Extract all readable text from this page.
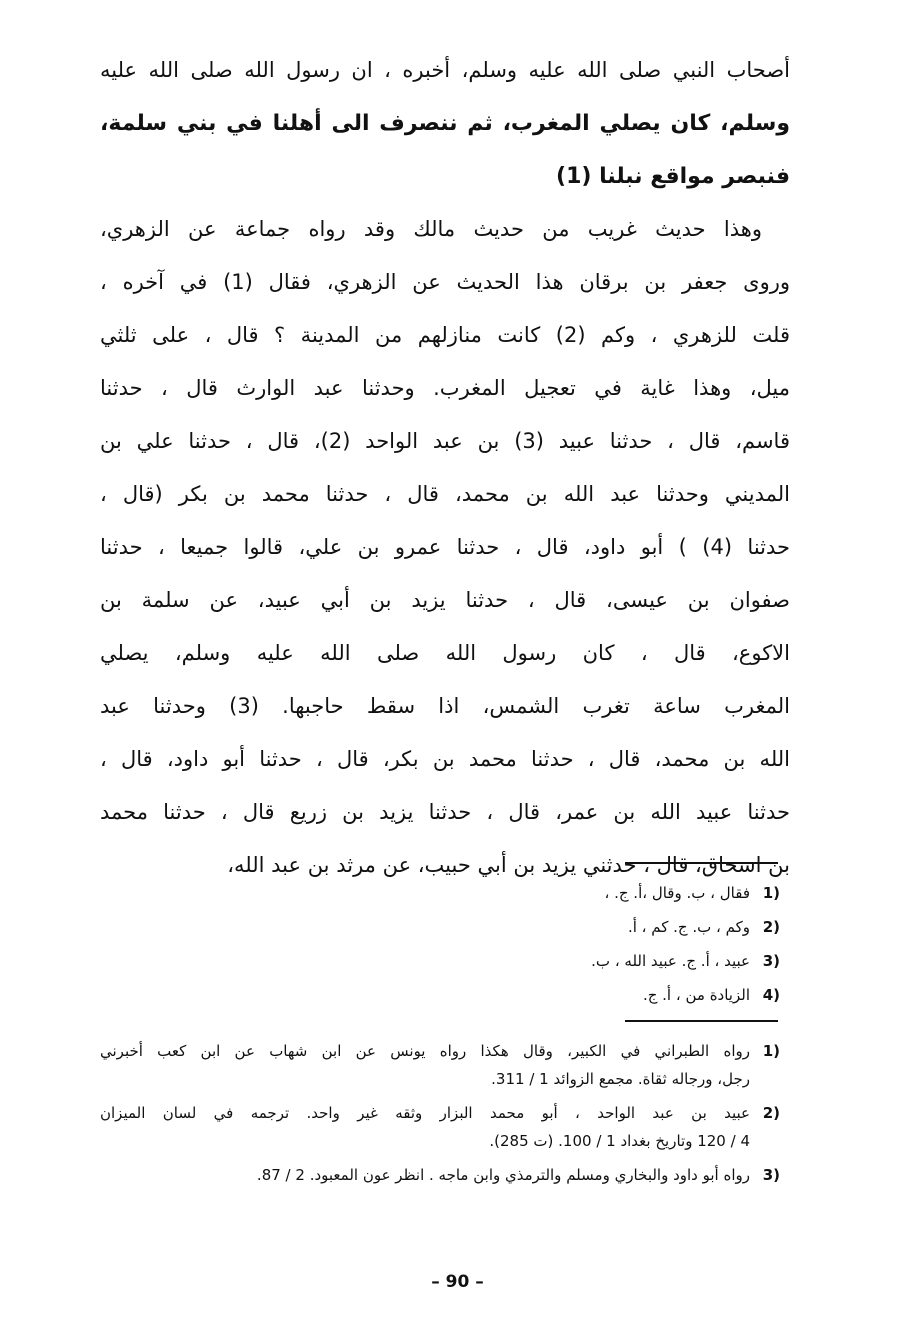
أصحاب النبي صلى الله عليه وسلم، أخبره ، ان رسول الله صلى الله عليه
وسلم، كان يصلي المغرب، ثم ننصرف الى أهلنا في بني سلمة،
فنبصر مواقع نبلنا (1)
وهذا حديث غريب من حديث مالك وقد رواه جماعة عن الزهري،
وروى جعفر بن برقان هذا الحديث عن الزهري، فقال (1) في آخره ،
قلت للزهري ، وكم (2) كانت منازلهم من المدينة ؟ قال ، على ثلثي
ميل، وهذا غاية في تعجيل المغرب. وحدثنا عبد الوارث قال ، حدثنا
قاسم، قال ، حدثنا عبيد (3) بن عبد الواحد (2)، قال ، حدثنا علي بن
المديني وحدثنا عبد الله بن محمد، قال ، حدثنا محمد بن بكر (قال ،
حدثنا (4) ) أبو داود، قال ، حدثنا عمرو بن علي، قالوا جميعا ، حدثنا
صفوان بن عيسى، قال ، حدثنا يزيد بن أبي عبيد، عن سلمة بن
الاكوع، قال ، كان رسول الله صلى الله عليه وسلم، يصلي
المغرب ساعة تغرب الشمس، اذا سقط حاجبها. (3) وحدثنا عبد
الله بن محمد، قال ، حدثنا محمد بن بكر، قال ، حدثنا أبو داود، قال ،
حدثنا عبيد الله بن عمر، قال ، حدثنا يزيد بن زريع قال ، حدثنا محمد
بن اسحاق، قال ، حدثني يزيد بن أبي حبيب، عن مرثد بن عبد الله،
(1
فقال ، ب. وقال ،أ. ج. ،
(2
وكم ، ب. ج. كم ، أ.
(3
عبيد ، أ. ج. عبيد الله ، ب.
(4
الزيادة من ، أ. ج.
(1
رواه الطبراني في الكبير، وقال هكذا رواه يونس عن ابن شهاب عن ابن كعب أخبرني
رجل، ورجاله ثقاة. مجمع الزوائد 1 / 311.
(2
عبيد بن عبد الواحد ، أبو محمد البزار وثقه غير واحد. ترجمه في لسان الميزان
4 / 120 وتاريخ بغداد 1 / 100. (ت 285).
(3
رواه أبو داود والبخاري ومسلم والترمذي وابن ماجه . انظر عون المعبود. 2 / 87.
– 90 –
